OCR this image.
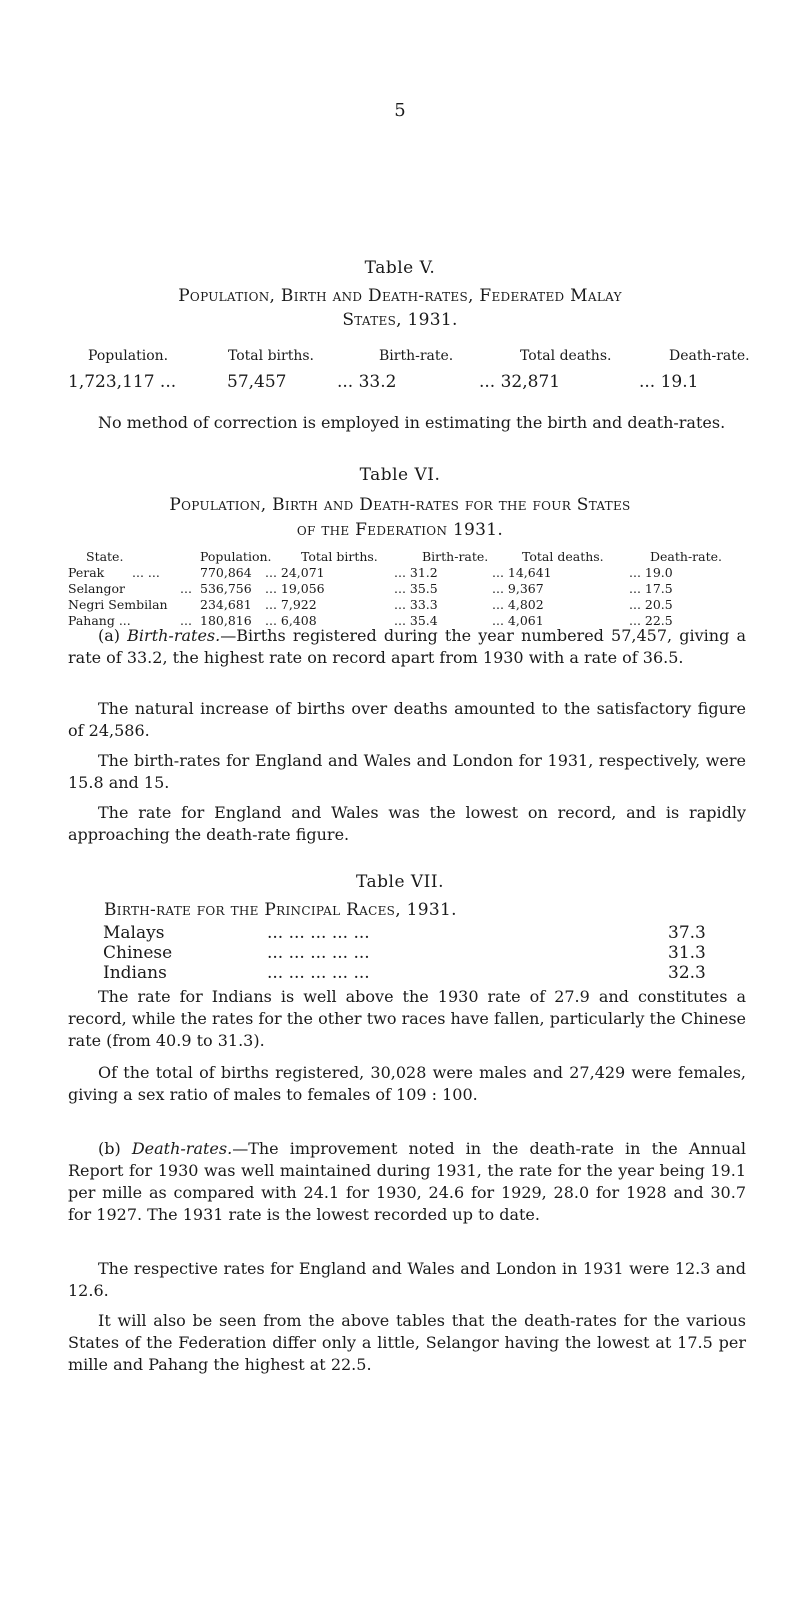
5
Table V.
Population, Birth and Death-rates, Federated Malay
States, 1931.
Population.	Total births.	Birth-rate.	Total deaths.	Death-rate.
1,723,117 ...	57,457	... 33.2	... 32,871	... 19.1
No method of correction is employed in estimating the birth and death-rates.
Table VI.
Population, Birth and Death-rates for the four States
of the Federation 1931.
State.	Population. Total births.	Birth-rate.	Total deaths.	Death-rate.
Perak ... ...	770,864 ... 24,071	... 31.2	... 14,641	... 19.0
Selangor	... 536,756 ... 19,056	... 35.5	... 9,367	... 17.5
Negri Sembilan	234,681 ... 7,922	... 33.3	... 4,802	... 20.5
Pahang ...	... 180,816 ... 6,408	... 35.4	... 4,061	... 22.5
(a) Birth-rates.—Births registered during the year numbered 57,457, giving a rate of 33.2, the highest rate on record apart from 1930 with a rate of 36.5.
The natural increase of births over deaths amounted to the satisfactory figure of 24,586.
The birth-rates for England and Wales and London for 1931, respectively, were 15.8 and 15.
The rate for England and Wales was the lowest on record, and is rapidly approaching the death-rate figure.
Table VII.
Birth-rate for the Principal Races, 1931.
Malays	... ... ... ... ...	37.3
Chinese	... ... ... ... ...	31.3
Indians	... ... ... ... ...	32.3
The rate for Indians is well above the 1930 rate of 27.9 and constitutes a record, while the rates for the other two races have fallen, particularly the Chinese rate (from 40.9 to 31.3).
Of the total of births registered, 30,028 were males and 27,429 were females, giving a sex ratio of males to females of 109 : 100.
(b) Death-rates.—The improvement noted in the death-rate in the Annual Report for 1930 was well maintained during 1931, the rate for the year being 19.1 per mille as compared with 24.1 for 1930, 24.6 for 1929, 28.0 for 1928 and 30.7 for 1927. The 1931 rate is the lowest recorded up to date.
The respective rates for England and Wales and London in 1931 were 12.3 and 12.6.
It will also be seen from the above tables that the death-rates for the various States of the Federation differ only a little, Selangor having the lowest at 17.5 per mille and Pahang the highest at 22.5.
